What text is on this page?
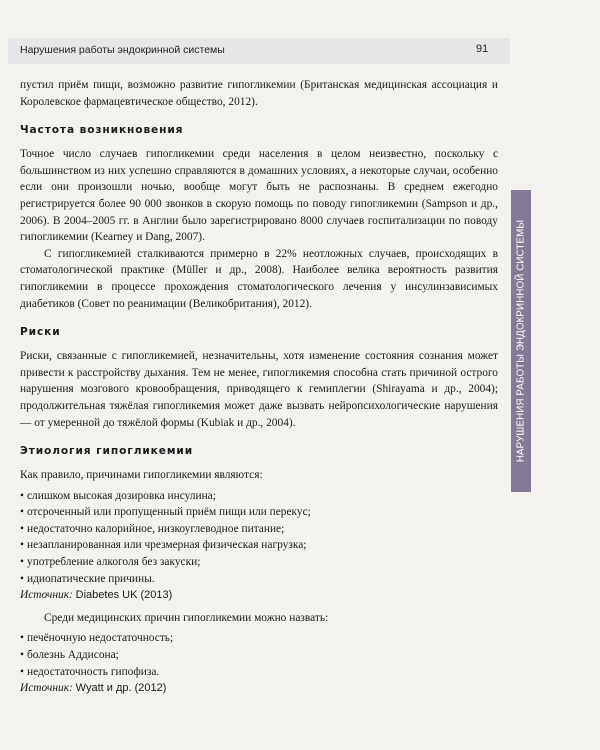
Нарушения работы эндокринной системы	91
НАРУШЕНИЯ РАБОТЫ ЭНДОКРИННОЙ СИСТЕМЫ

пустил приём пищи, возможно развитие гипогликемии (Британская медицинская ассоциация и Королевское фармацевтическое общество, 2012).

Частота возникновения

Точное число случаев гипогликемии среди населения в целом неизвестно, поскольку с большинством из них успешно справляются в домашних условиях, а некоторые случаи, особенно если они произошли ночью, вообще могут быть не распознаны. В среднем ежегодно регистрируется более 90 000 звонков в скорую помощь по поводу гипогликемии (Sampson и др., 2006). В 2004–2005 гг. в Англии было зарегистрировано 8000 случаев госпитализации по поводу гипогликемии (Kearney и Dang, 2007).

С гипогликемией сталкиваются примерно в 22% неотложных случаев, происходящих в стоматологической практике (Müller и др., 2008). Наиболее велика вероятность развития гипогликемии в процессе прохождения стоматологического лечения у инсулинзависимых диабетиков (Совет по реанимации (Великобритания), 2012).

Риски

Риски, связанные с гипогликемией, незначительны, хотя изменение состояния сознания может привести к расстройству дыхания. Тем не менее, гипогликемия способна стать причиной острого нарушения мозгового кровообращения, приводящего к гемиплегии (Shirayama и др., 2004); продолжительная тяжёлая гипогликемия может даже вызвать нейропсихологические нарушения — от умеренной до тяжёлой формы (Kubiak и др., 2004).

Этиология гипогликемии

Как правило, причинами гипогликемии являются:

• слишком высокая дозировка инсулина;
• отсроченный или пропущенный приём пищи или перекус;
• недостаточно калорийное, низкоуглеводное питание;
• незапланированная или чрезмерная физическая нагрузка;
• употребление алкоголя без закуски;
• идиопатические причины.

Источник: Diabetes UK (2013)

Среди медицинских причин гипогликемии можно назвать:

• печёночную недостаточность;
• болезнь Аддисона;
• недостаточность гипофиза.

Источник: Wyatt и др. (2012)
